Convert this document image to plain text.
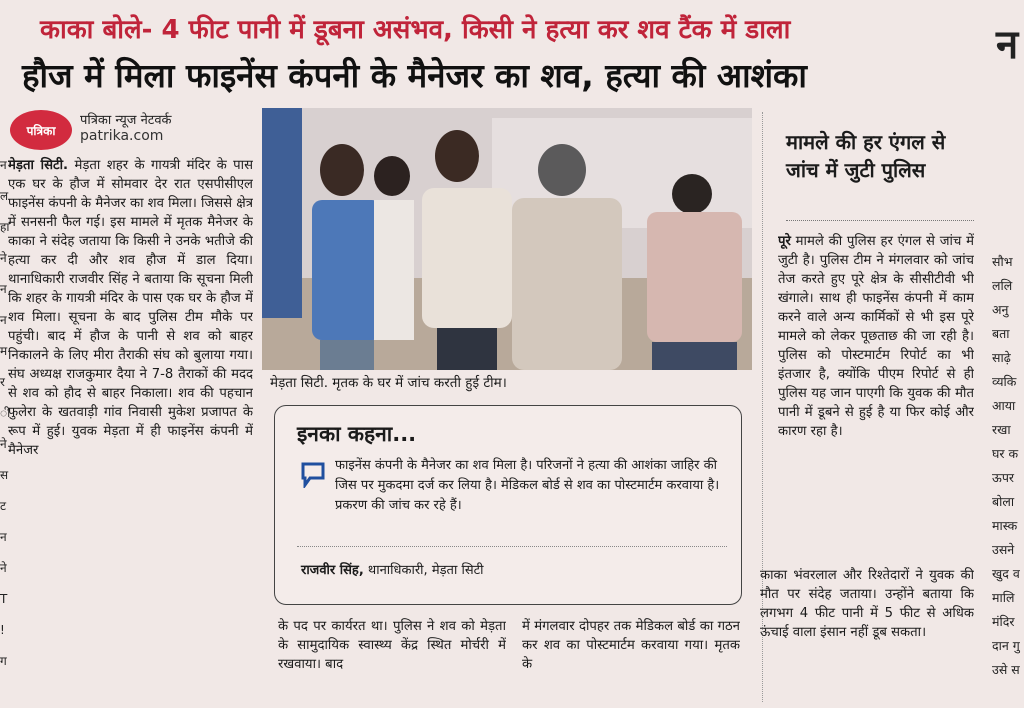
न
ल
हा
ने
न
न
म
र
ी
ने
स
ट
न
ने
T
!
ग
काका बोले- 4 फीट पानी में डूबना असंभव, किसी ने हत्या कर शव टैंक में डाला
हौज में मिला फाइनेंस कंपनी के मैनेजर का शव, हत्या की आशंका
पत्रिका
पत्रिका न्यूज नेटवर्क
patrika.com
मेड़ता सिटी. मेड़ता शहर के गायत्री मंदिर के पास एक घर के हौज में सोमवार देर रात एसपीसीएल फाइनेंस कंपनी के मैनेजर का शव मिला। जिससे क्षेत्र में सनसनी फैल गई। इस मामले में मृतक मैनेजर के काका ने संदेह जताया कि किसी ने उनके भतीजे की हत्या कर दी और शव हौज में डाल दिया। थानाधिकारी राजवीर सिंह ने बताया कि सूचना मिली कि शहर के गायत्री मंदिर के पास एक घर के हौज में शव मिला। सूचना के बाद पुलिस टीम मौके पर पहुंची। बाद में हौज के पानी से शव को बाहर निकालने के लिए मीरा तैराकी संघ को बुलाया गया। संघ अध्यक्ष राजकुमार दैया ने 7-8 तैराकों की मदद से शव को हौद से बाहर निकाला। शव की पहचान फुलेरा के खतवाड़ी गांव निवासी मुकेश प्रजापत के रूप में हुई। युवक मेड़ता में ही फाइनेंस कंपनी में मैनेजर
मेड़ता सिटी. मृतक के घर में जांच करती हुई टीम।
इनका कहना...
फाइनेंस कंपनी के मैनेजर का शव मिला है। परिजनों ने हत्या की आशंका जाहिर की जिस पर मुकदमा दर्ज कर लिया है। मेडिकल बोर्ड से शव का पोस्टमार्टम करवाया है। प्रकरण की जांच कर रहे हैं।
राजवीर सिंह, थानाधिकारी, मेड़ता सिटी
के पद पर कार्यरत था। पुलिस ने शव को मेड़ता के सामुदायिक स्वास्थ्य केंद्र स्थित मोर्चरी में रखवाया। बाद
में मंगलवार दोपहर तक मेडिकल बोर्ड का गठन कर शव का पोस्टमार्टम करवाया गया। मृतक के
मामले की हर एंगल से जांच में जुटी पुलिस
पूरे मामले की पुलिस हर एंगल से जांच में जुटी है। पुलिस टीम ने मंगलवार को जांच तेज करते हुए पूरे क्षेत्र के सीसीटीवी भी खंगाले। साथ ही फाइनेंस कंपनी में काम करने वाले अन्य कार्मिकों से भी इस पूरे मामले को लेकर पूछताछ की जा रही है। पुलिस को पोस्टमार्टम रिपोर्ट का भी इंतजार है, क्योंकि पीएम रिपोर्ट से ही पुलिस यह जान पाएगी कि युवक की मौत पानी में डूबने से हुई है या फिर कोई और कारण रहा है।
काका भंवरलाल और रिश्तेदारों ने युवक की मौत पर संदेह जताया। उन्होंने बताया कि लगभग 4 फीट पानी में 5 फीट से अधिक ऊंचाई वाला इंसान नहीं डूब सकता।
न
सौभ
ललि
अनु
बता
साढ़े
व्यकि
आया
रखा
घर क
ऊपर
बोला
मास्क
उसने
खुद व
मालि
मंदिर
दान गु
उसे स
